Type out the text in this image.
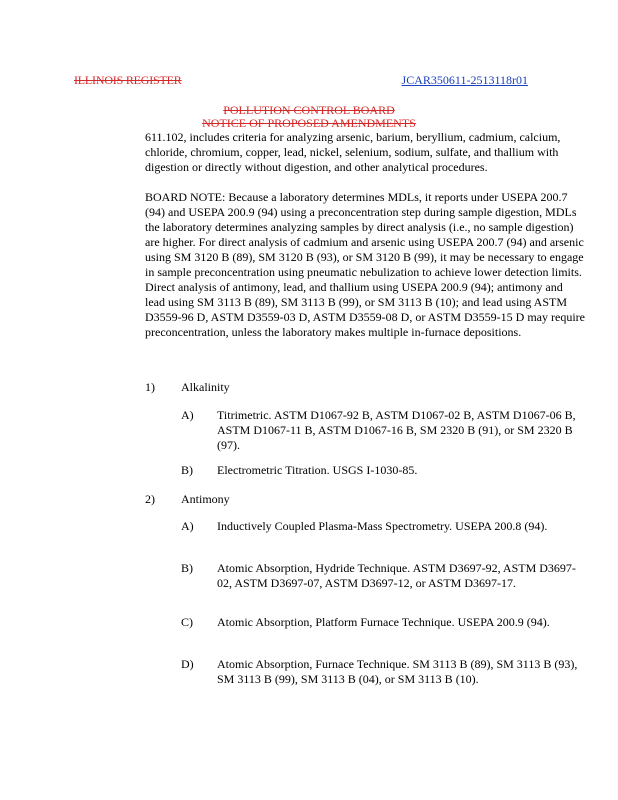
ILLINOIS REGISTER	JCAR350611-2513118r01
POLLUTION CONTROL BOARD
NOTICE OF PROPOSED AMENDMENTS

611.102, includes criteria for analyzing arsenic, barium, beryllium, cadmium, calcium, chloride, chromium, copper, lead, nickel, selenium, sodium, sulfate, and thallium with digestion or directly without digestion, and other analytical procedures.

BOARD NOTE: Because a laboratory determines MDLs, it reports under USEPA 200.7 (94) and USEPA 200.9 (94) using a preconcentration step during sample digestion, MDLs the laboratory determines analyzing samples by direct analysis (i.e., no sample digestion) are higher. For direct analysis of cadmium and arsenic using USEPA 200.7 (94) and arsenic using SM 3120 B (89), SM 3120 B (93), or SM 3120 B (99), it may be necessary to engage in sample preconcentration using pneumatic nebulization to achieve lower detection limits. Direct analysis of antimony, lead, and thallium using USEPA 200.9 (94); antimony and lead using SM 3113 B (89), SM 3113 B (99), or SM 3113 B (10); and lead using ASTM D3559-96 D, ASTM D3559-03 D, ASTM D3559-08 D, or ASTM D3559-15 D may require preconcentration, unless the laboratory makes multiple in-furnace depositions.

1) Alkalinity
A) Titrimetric. ASTM D1067-92 B, ASTM D1067-02 B, ASTM D1067-06 B, ASTM D1067-11 B, ASTM D1067-16 B, SM 2320 B (91), or SM 2320 B (97).
B) Electrometric Titration. USGS I-1030-85.
2) Antimony
A) Inductively Coupled Plasma-Mass Spectrometry. USEPA 200.8 (94).
B) Atomic Absorption, Hydride Technique. ASTM D3697-92, ASTM D3697-02, ASTM D3697-07, ASTM D3697-12, or ASTM D3697-17.
C) Atomic Absorption, Platform Furnace Technique. USEPA 200.9 (94).
D) Atomic Absorption, Furnace Technique. SM 3113 B (89), SM 3113 B (93), SM 3113 B (99), SM 3113 B (04), or SM 3113 B (10).
